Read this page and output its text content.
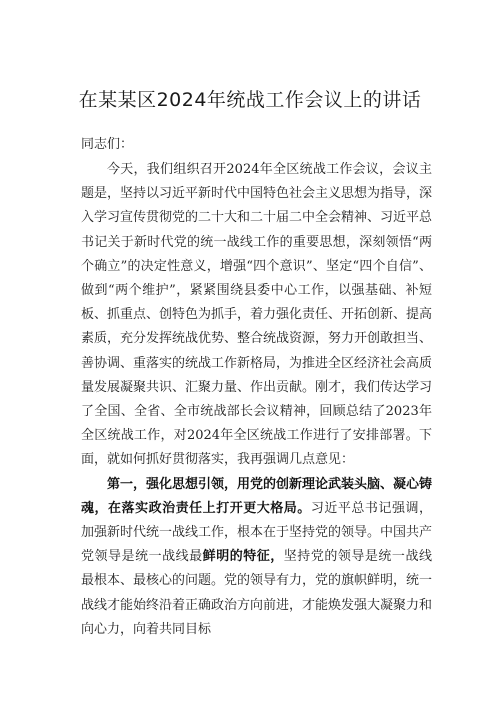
在某某区2024年统战工作会议上的讲话
同志们：

今天，我们组织召开2024年全区统战工作会议，会议主题是，坚持以习近平新时代中国特色社会主义思想为指导，深入学习宣传贯彻党的二十大和二十届二中全会精神、习近平总书记关于新时代党的统一战线工作的重要思想，深刻领悟“两个确立”的决定性意义，增强“四个意识”、坚定“四个自信”、做到“两个维护”，紧紧围绕县委中心工作，以强基础、补短板、抓重点、创特色为抓手，着力强化责任、开拓创新、提高素质，充分发挥统战优势、整合统战资源，努力开创敢担当、善协调、重落实的统战工作新格局，为推进全区经济社会高质量发展凝聚共识、汇聚力量、作出贡献。刚才，我们传达学习了全国、全省、全市统战部长会议精神，回顾总结了2023年全区统战工作，对2024年全区统战工作进行了安排部署。下面，就如何抓好贯彻落实，我再强调几点意见：

第一，强化思想引领，用党的创新理论武装头脑、凝心铸魂，在落实政治责任上打开更大格局。习近平总书记强调，加强新时代统一战线工作，根本在于坚持党的领导。中国共产党领导是统一战线最鲜明的特征，坚持党的领导是统一战线最根本、最核心的问题。党的领导有力，党的旗帜鲜明，统一战线才能始终沿着正确政治方向前进，才能焕发强大凝聚力和向心力，向着共同目标
